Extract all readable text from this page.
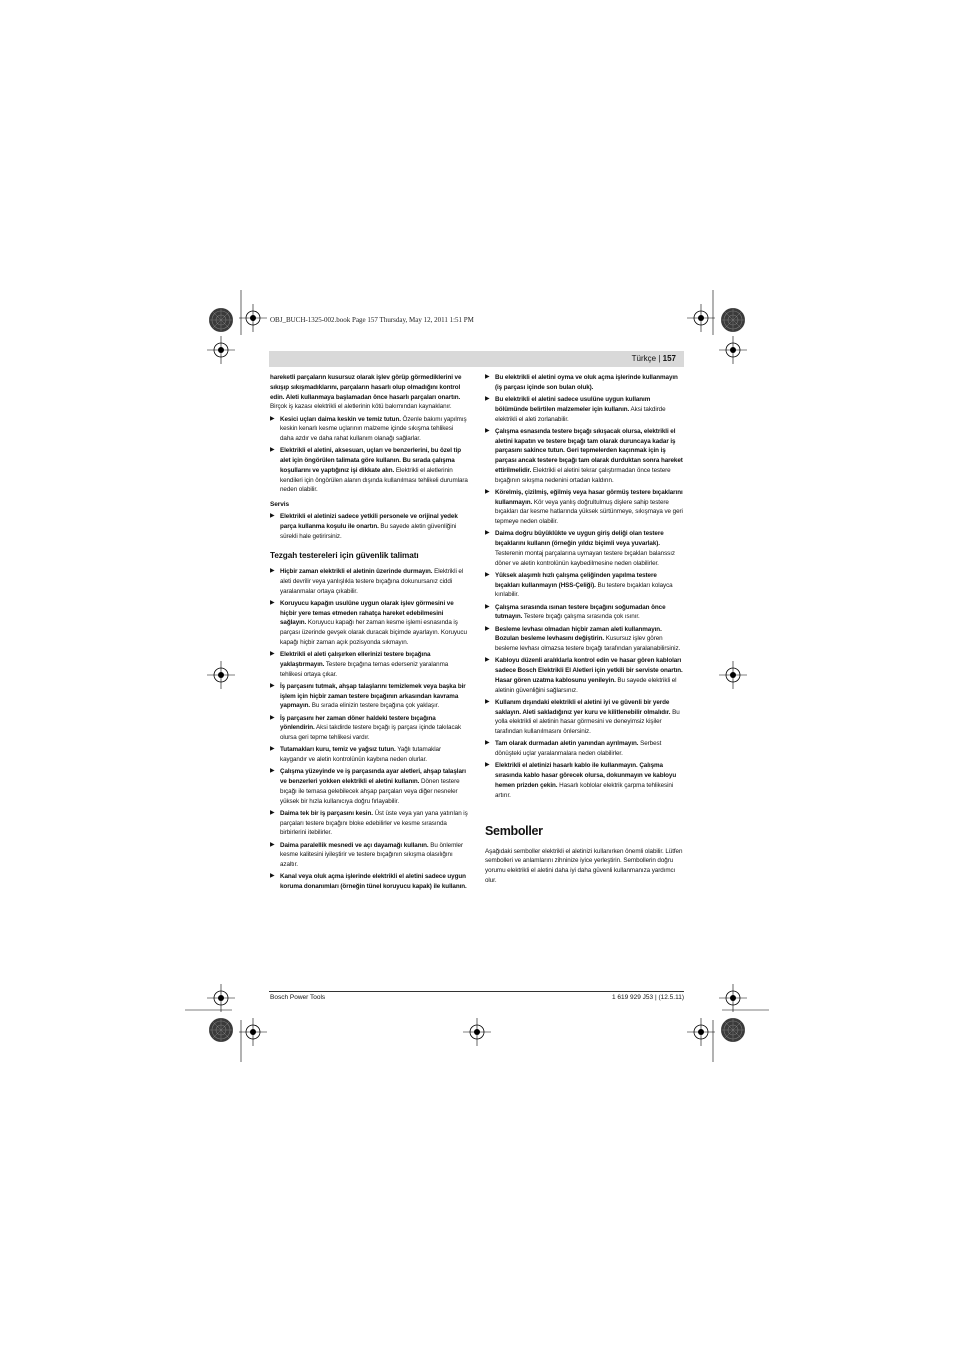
OBJ_BUCH-1325-002.book Page 157 Thursday, May 12, 2011 1:51 PM
Türkçe | 157

hareketli parçaların kusursuz olarak işlev görüp görmediklerini ve sıkışıp sıkışmadıklarını, parçaların hasarlı olup olmadığını kontrol edin. Aleti kullanmaya başlamadan önce hasarlı parçaları onartın. Birçok iş kazası elektrikli el aletlerinin kötü bakımından kaynaklanır.

▶ Kesici uçları daima keskin ve temiz tutun. Özenle bakımı yapılmış keskin kenarlı kesme uçlarının malzeme içinde sıkışma tehlikesi daha azdır ve daha rahat kullanım olanağı sağlarlar.
▶ Elektrikli el aletini, aksesuarı, uçları ve benzerlerini, bu özel tip alet için öngörülen talimata göre kullanın. Bu sırada çalışma koşullarını ve yaptığınız işi dikkate alın. Elektrikli el aletlerinin kendileri için öngörülen alanın dışında kullanılması tehlikeli durumlara neden olabilir.
Servis
▶ Elektrikli el aletinizi sadece yetkili personele ve orijinal yedek parça kullanma koşulu ile onartın. Bu sayede aletin güvenliğini sürekli hale getirirsiniz.
Tezgah testereleri için güvenlik talimatı
▶ Hiçbir zaman elektrikli el aletinin üzerinde durmayın. Elektrikli el aleti devrilir veya yanlışlıkla testere bıçağına dokunursanız ciddi yaralanmalar ortaya çıkabilir.
▶ Koruyucu kapağın usulüne uygun olarak işlev görmesini ve hiçbir yere temas etmeden rahatça hareket edebilmesini sağlayın. Koruyucu kapağı her zaman kesme işlemi esnasında iş parçası üzerinde gevşek olarak duracak biçimde ayarlayın. Koruyucu kapağı hiçbir zaman açık pozisyonda sıkmayın.
▶ Elektrikli el aleti çalışırken ellerinizi testere bıçağına yaklaştırmayın. Testere bıçağına temas ederseniz yaralanma tehlikesi ortaya çıkar.
▶ İş parçasını tutmak, ahşap talaşlarını temizlemek veya başka bir işlem için hiçbir zaman testere bıçağının arkasından kavrama yapmayın. Bu sırada elinizin testere bıçağına çok yaklaşır.
▶ İş parçasını her zaman döner haldeki testere bıçağına yönlendirin. Aksi takdirde testere bıçağı iş parçası içinde takılacak olursa geri tepme tehlikesi vardır.
▶ Tutamakları kuru, temiz ve yağsız tutun. Yağlı tutamaklar kaygandır ve aletin kontrolünün kaybına neden olurlar.
▶ Çalışma yüzeyinde ve iş parçasında ayar aletleri, ahşap talaşları ve benzerleri yokken elektrikli el aletini kullanın. Dönen testere bıçağı ile temasa gelebilecek ahşap parçaları veya diğer nesneler yüksek bir hızla kullanıcıya doğru fırlayabilir.
▶ Daima tek bir iş parçasını kesin. Üst üste veya yan yana yatırılan iş parçaları testere bıçağını bloke edebilirler ve kesme sırasında birbirlerini itebilirler.
▶ Daima paralellik mesnedi ve açı dayamağı kullanın. Bu önlemler kesme kalitesini iyileştirir ve testere bıçağının sıkışma olasılığını azaltır.
▶ Kanal veya oluk açma işlerinde elektrikli el aletini sadece uygun koruma donanımları (örneğin tünel koruyucu kapak) ile kullanın.
▶ Bu elektrikli el aletini oyma ve oluk açma işlerinde kullanmayın (iş parçası içinde son bulan oluk).
▶ Bu elektrikli el aletini sadece usulüne uygun kullanım bölümünde belirtilen malzemeler için kullanın. Aksi takdirde elektrikli el aleti zorlanabilir.
▶ Çalışma esnasında testere bıçağı sıkışacak olursa, elektrikli el aletini kapatın ve testere bıçağı tam olarak duruncaya kadar iş parçasını sakince tutun. Geri tepmelerden kaçınmak için iş parçası ancak testere bıçağı tam olarak durduktan sonra hareket ettirilmelidir. Elektrikli el aletini tekrar çalıştırmadan önce testere bıçağının sıkışma nedenini ortadan kaldırın.
▶ Körelmiş, çizilmiş, eğilmiş veya hasar görmüş testere bıçaklarını kullanmayın. Kör veya yanlış doğrultulmuş dişlere sahip testere bıçakları dar kesme hatlarında yüksek sürtünmeye, sıkışmaya ve geri tepmeye neden olabilir.
▶ Daima doğru büyüklükte ve uygun giriş deliği olan testere bıçaklarını kullanın (örneğin yıldız biçimli veya yuvarlak). Testerenin montaj parçalarına uymayan testere bıçakları balanssız döner ve aletin kontrolünün kaybedilmesine neden olabilirler.
▶ Yüksek alaşımlı hızlı çalışma çeliğinden yapılma testere bıçakları kullanmayın (HSS-Çeliği). Bu testere bıçakları kolayca kırılabilir.
▶ Çalışma sırasında ısınan testere bıçağını soğumadan önce tutmayın. Testere bıçağı çalışma sırasında çok ısınır.
▶ Besleme levhası olmadan hiçbir zaman aleti kullanmayın. Bozulan besleme levhasını değiştirin. Kusursuz işlev gören besleme levhası olmazsa testere bıçağı tarafından yaralanabilirsiniz.
▶ Kabloyu düzenli aralıklarla kontrol edin ve hasar gören kabloları sadece Bosch Elektrikli El Aletleri için yetkili bir serviste onartın. Hasar gören uzatma kablosunu yenileyin. Bu sayede elektrikli el aletinin güvenliğini sağlarsınız.
▶ Kullanım dışındaki elektrikli el aletini iyi ve güvenli bir yerde saklayın. Aleti sakladığınız yer kuru ve kilitlenebilir olmalıdır. Bu yolla elektrikli el aletinin hasar görmesini ve deneyimsiz kişiler tarafından kullanılmasını önlersiniz.
▶ Tam olarak durmadan aletin yanından ayrılmayın. Serbest dönüşteki uçlar yaralanmalara neden olabilirler.
▶ Elektrikli el aletinizi hasarlı kablo ile kullanmayın. Çalışma sırasında kablo hasar görecek olursa, dokunmayın ve kabloyu hemen prizden çekin. Hasarlı koblolar elektrik çarpma tehlikesini artırır.
Semboller

Aşağıdaki semboller elektrikli el aletinizi kullanırken önemli olabilir. Lütfen sembolleri ve anlamlarını zihninize iyice yerleştirin. Sembollerin doğru yorumu elektrikli el aletini daha iyi daha güvenli kullanmanıza yardımcı olur.

Bosch Power Tools	1 619 929 J53 | (12.5.11)
